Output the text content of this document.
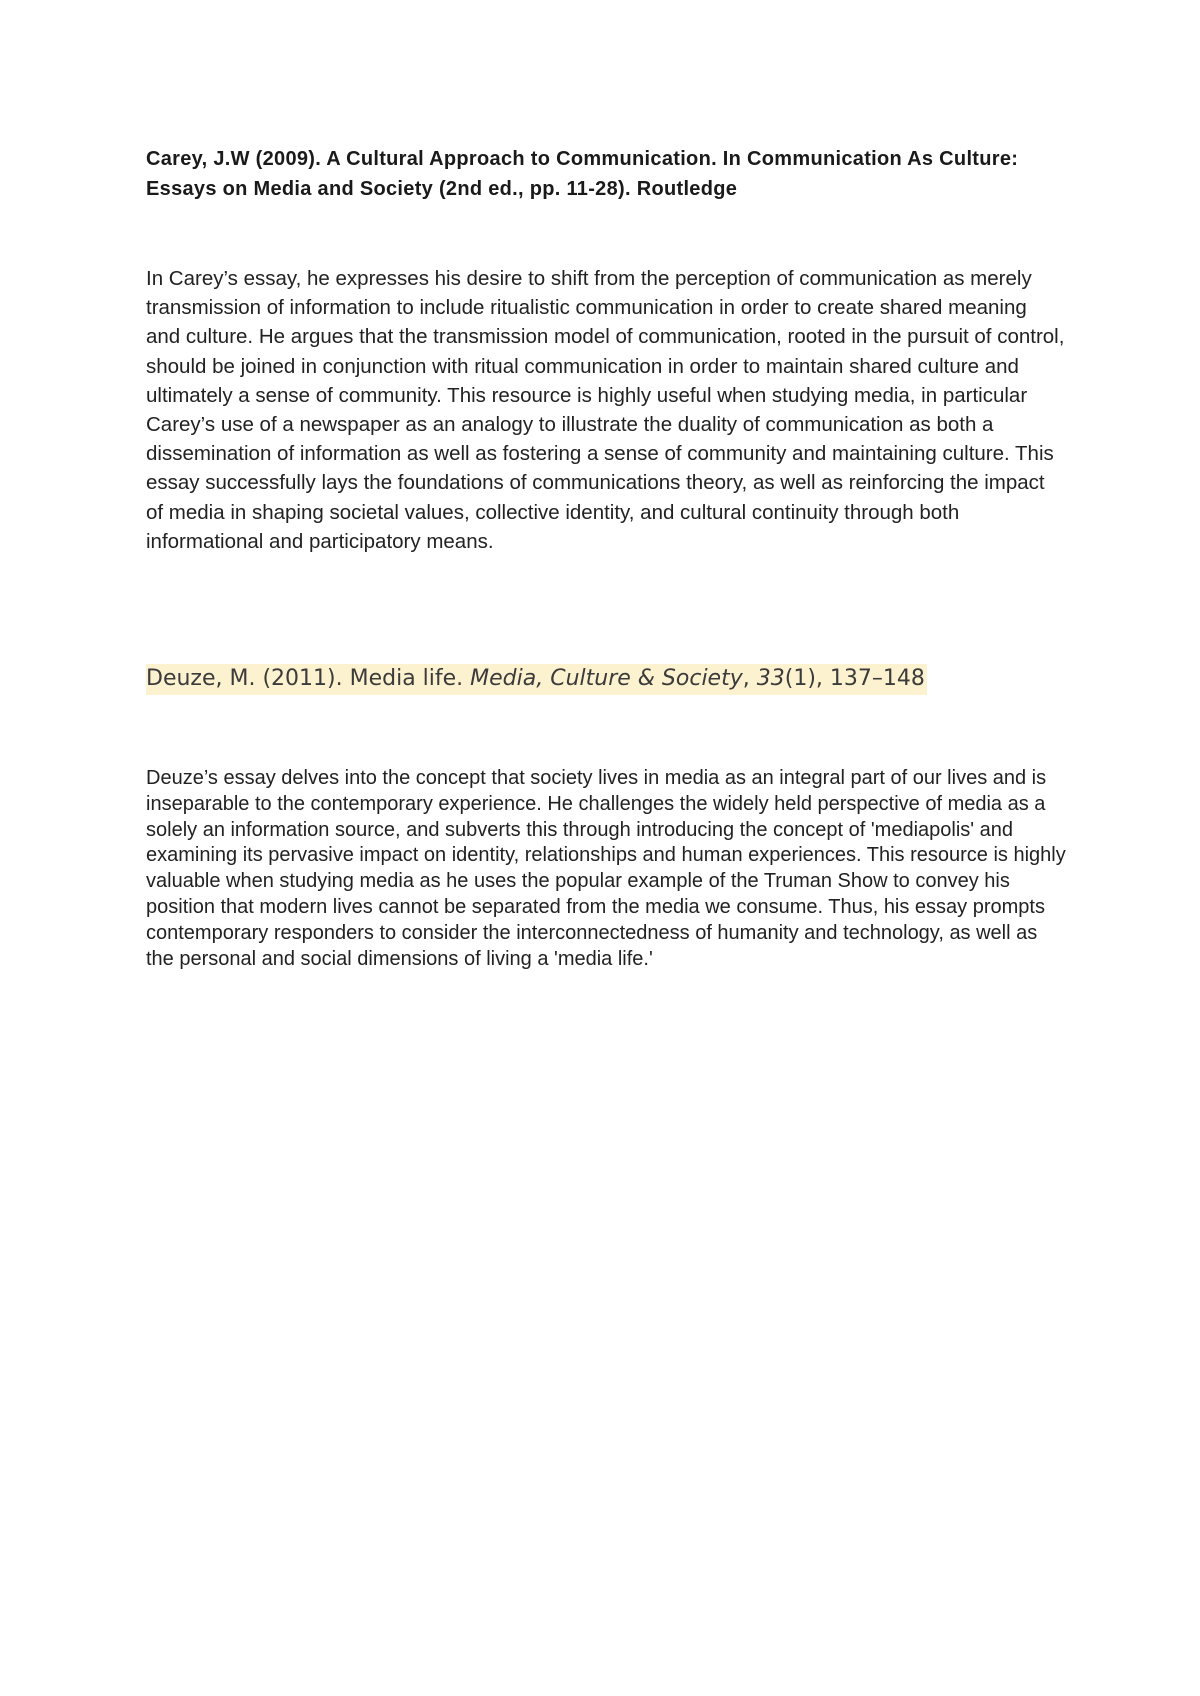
Carey, J.W (2009). A Cultural Approach to Communication. In Communication As Culture: Essays on Media and Society (2nd ed., pp. 11-28). Routledge
In Carey’s essay, he expresses his desire to shift from the perception of communication as merely transmission of information to include ritualistic communication in order to create shared meaning and culture. He argues that the transmission model of communication, rooted in the pursuit of control, should be joined in conjunction with ritual communication in order to maintain shared culture and ultimately a sense of community. This resource is highly useful when studying media, in particular Carey’s use of a newspaper as an analogy to illustrate the duality of communication as both a dissemination of information as well as fostering a sense of community and maintaining culture. This essay successfully lays the foundations of communications theory, as well as reinforcing the impact of media in shaping societal values, collective identity, and cultural continuity through both informational and participatory means.
Deuze, M. (2011). Media life. Media, Culture & Society, 33(1), 137–148
Deuze’s essay delves into the concept that society lives in media as an integral part of our lives and is inseparable to the contemporary experience. He challenges the widely held perspective of media as a solely an information source, and subverts this through introducing the concept of 'mediapolis' and examining its pervasive impact on identity, relationships and human experiences. This resource is highly valuable when studying media as he uses the popular example of the Truman Show to convey his position that modern lives cannot be separated from the media we consume. Thus, his essay prompts contemporary responders to consider the interconnectedness of humanity and technology, as well as the personal and social dimensions of living a 'media life.'
